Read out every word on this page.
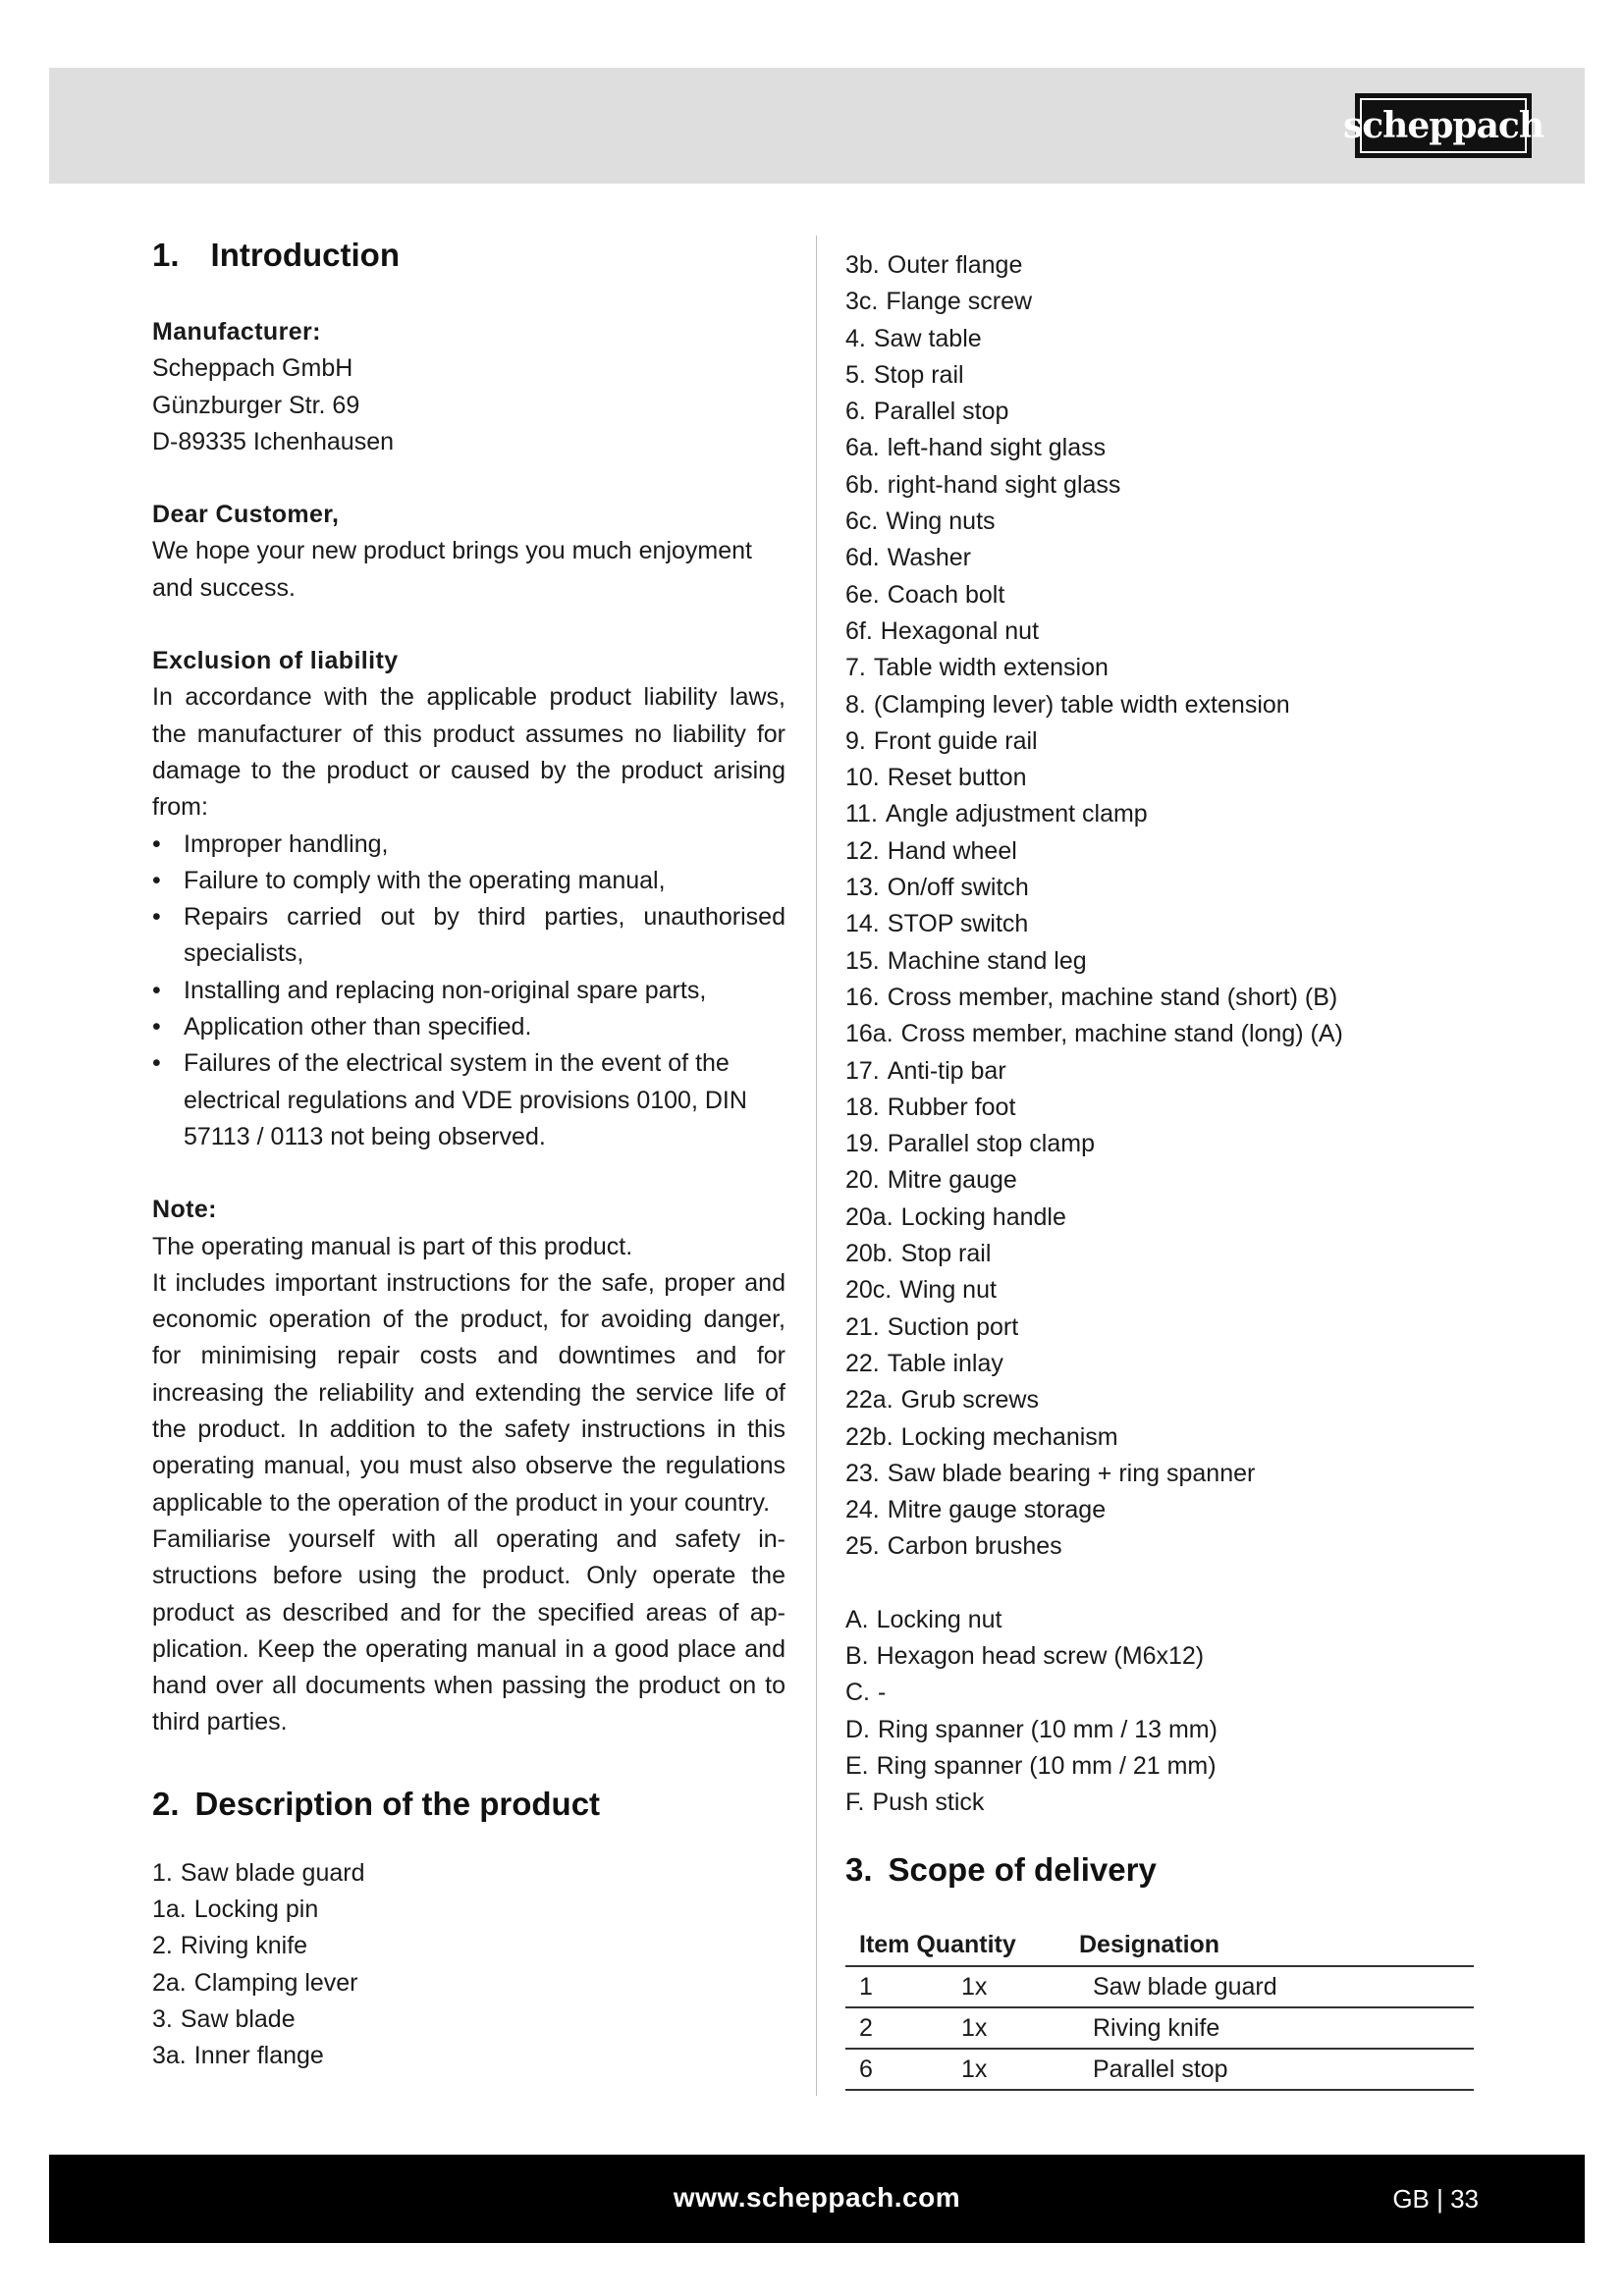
scheppach
1. Introduction

Manufacturer:

Scheppach GmbH

Günzburger Str. 69

D-89335 Ichenhausen

Dear Customer,

We hope your new product brings you much enjoyment and success.

Exclusion of liability

In accordance with the applicable product liability laws, the manufacturer of this product assumes no liability for damage to the product or caused by the product arising from:

• Improper handling,
• Failure to comply with the operating manual,
• Repairs carried out by third parties, unauthorised specialists,
• Installing and replacing non-original spare parts,
• Application other than specified.
• Failures of the electrical system in the event of the electrical regulations and VDE provisions 0100, DIN 57113 / 0113 not being observed.

Note:

The operating manual is part of this product.

It includes important instructions for the safe, proper and economic operation of the product, for avoiding danger, for minimising repair costs and downtimes and for increasing the reliability and extending the service life of the product. In addition to the safety instructions in this operating manual, you must also observe the regulations applicable to the operation of the product in your country.

Familiarise yourself with all operating and safety in- structions before using the product. Only operate the product as described and for the specified areas of ap- plication. Keep the operating manual in a good place and hand over all documents when passing the product on to third parties.

2. Description of the product
1. Saw blade guard
1a. Locking pin
2. Riving knife
2a. Clamping lever
3. Saw blade
3a. Inner flange
3b. Outer flange
3c. Flange screw
4. Saw table
5. Stop rail
6. Parallel stop
6a. left-hand sight glass
6b. right-hand sight glass
6c. Wing nuts
6d. Washer
6e. Coach bolt
6f. Hexagonal nut
7. Table width extension
8. (Clamping lever) table width extension
9. Front guide rail
10. Reset button
11. Angle adjustment clamp
12. Hand wheel
13. On/off switch
14. STOP switch
15. Machine stand leg
16. Cross member, machine stand (short) (B)
16a. Cross member, machine stand (long) (A)
17. Anti-tip bar
18. Rubber foot
19. Parallel stop clamp
20. Mitre gauge
20a. Locking handle
20b. Stop rail
20c. Wing nut
21. Suction port
22. Table inlay
22a. Grub screws
22b. Locking mechanism
23. Saw blade bearing + ring spanner
24. Mitre gauge storage
25. Carbon brushes
A. Locking nut
B. Hexagon head screw (M6x12)
C. -
D. Ring spanner (10 mm / 13 mm)
E. Ring spanner (10 mm / 21 mm)
F. Push stick
3. Scope of delivery
Item Quantity		Designation
1	1x	Saw blade guard
2	1x	Riving knife
6	1x	Parallel stop
www.scheppach.com	GB | 33
